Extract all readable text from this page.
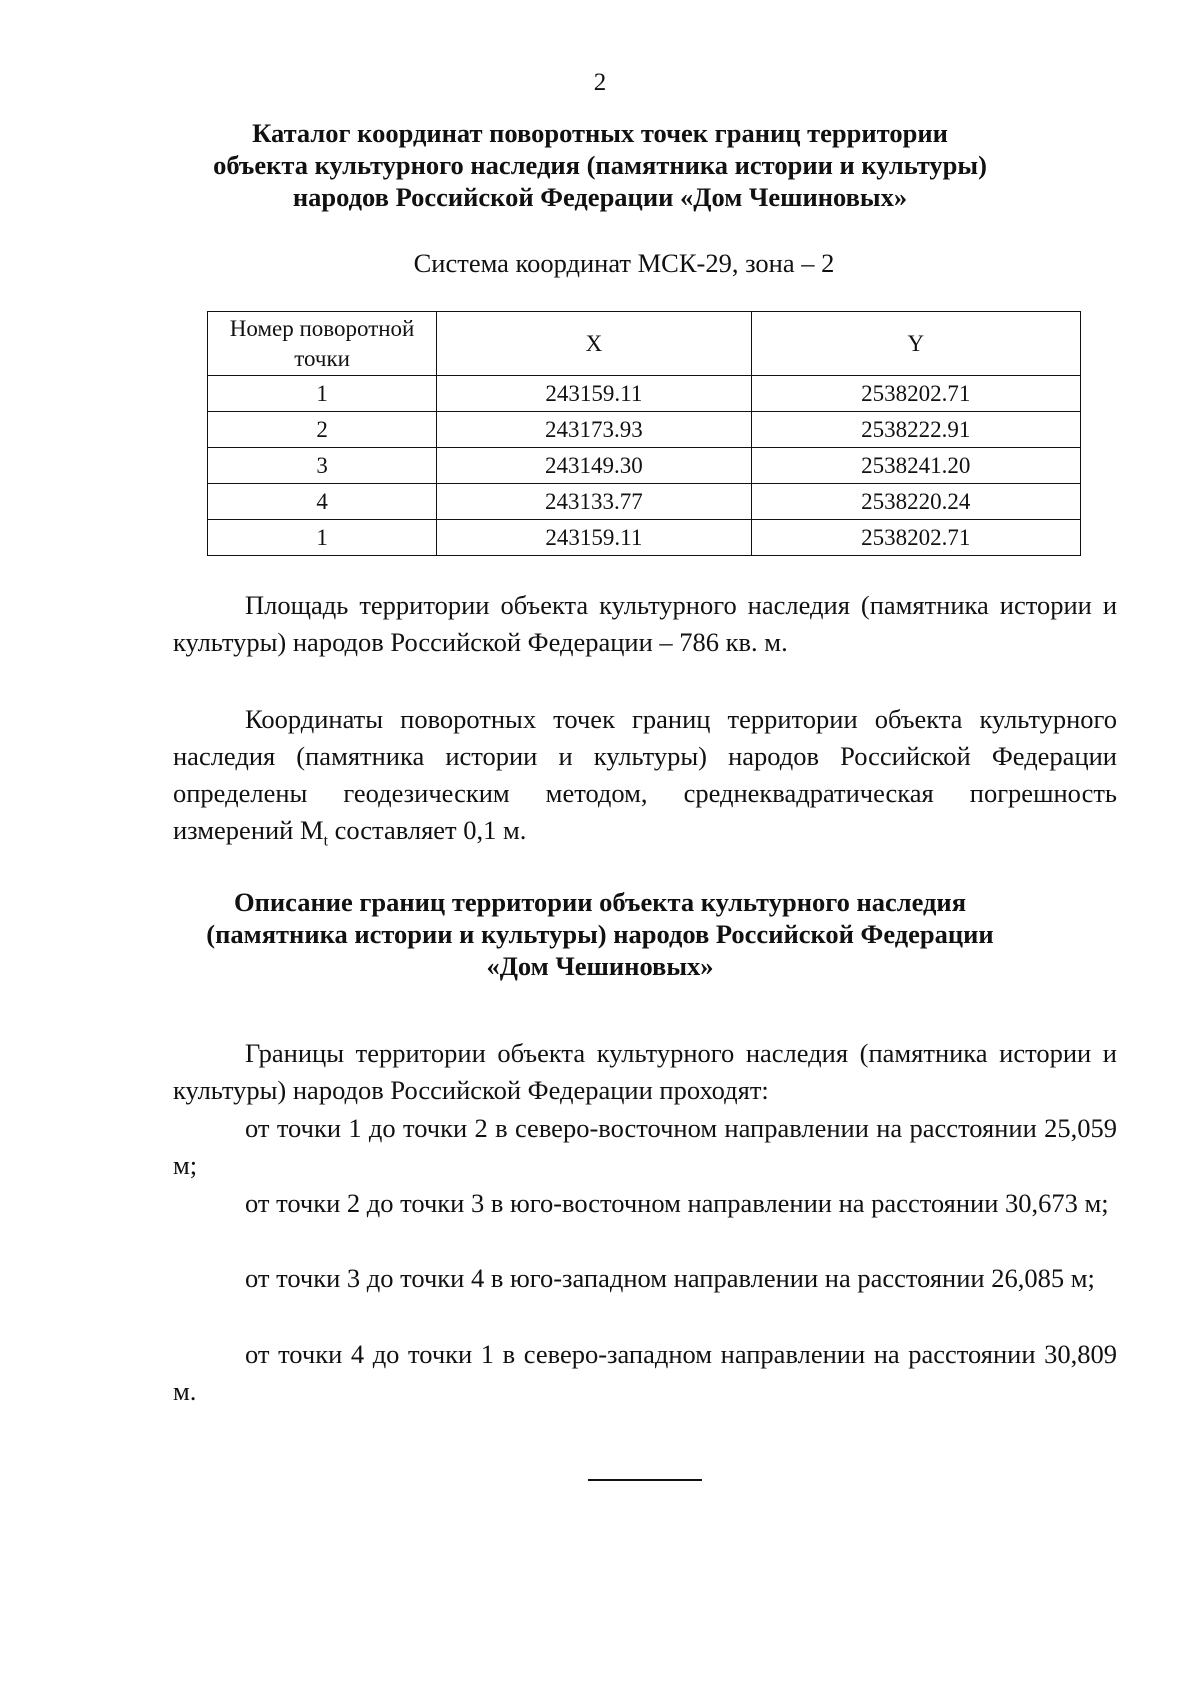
2
Каталог координат поворотных точек границ территории
объекта культурного наследия (памятника истории и культуры)
народов Российской Федерации «Дом Чешиновых»
Система координат МСК-29, зона – 2
Номер поворотной
точки	X	Y
1	243159.11	2538202.71
2	243173.93	2538222.91
3	243149.30	2538241.20
4	243133.77	2538220.24
1	243159.11	2538202.71

Площадь территории объекта культурного наследия (памятника истории и культуры) народов Российской Федерации – 786 кв. м.

Координаты поворотных точек границ территории объекта культурного наследия (памятника истории и культуры) народов Российской Федерации определены геодезическим методом, среднеквадратическая погрешность измерений $M_t$ составляет 0,1 м.

Описание границ территории объекта культурного наследия
(памятника истории и культуры) народов Российской Федерации
«Дом Чешиновых»

Границы территории объекта культурного наследия (памятника истории и культуры) народов Российской Федерации проходят:

от точки 1 до точки 2 в северо-восточном направлении на расстоянии 25,059 м;

от точки 2 до точки 3 в юго-восточном направлении на расстоянии 30,673 м;

от точки 3 до точки 4 в юго-западном направлении на расстоянии 26,085 м;

от точки 4 до точки 1 в северо-западном направлении на расстоянии 30,809 м.
